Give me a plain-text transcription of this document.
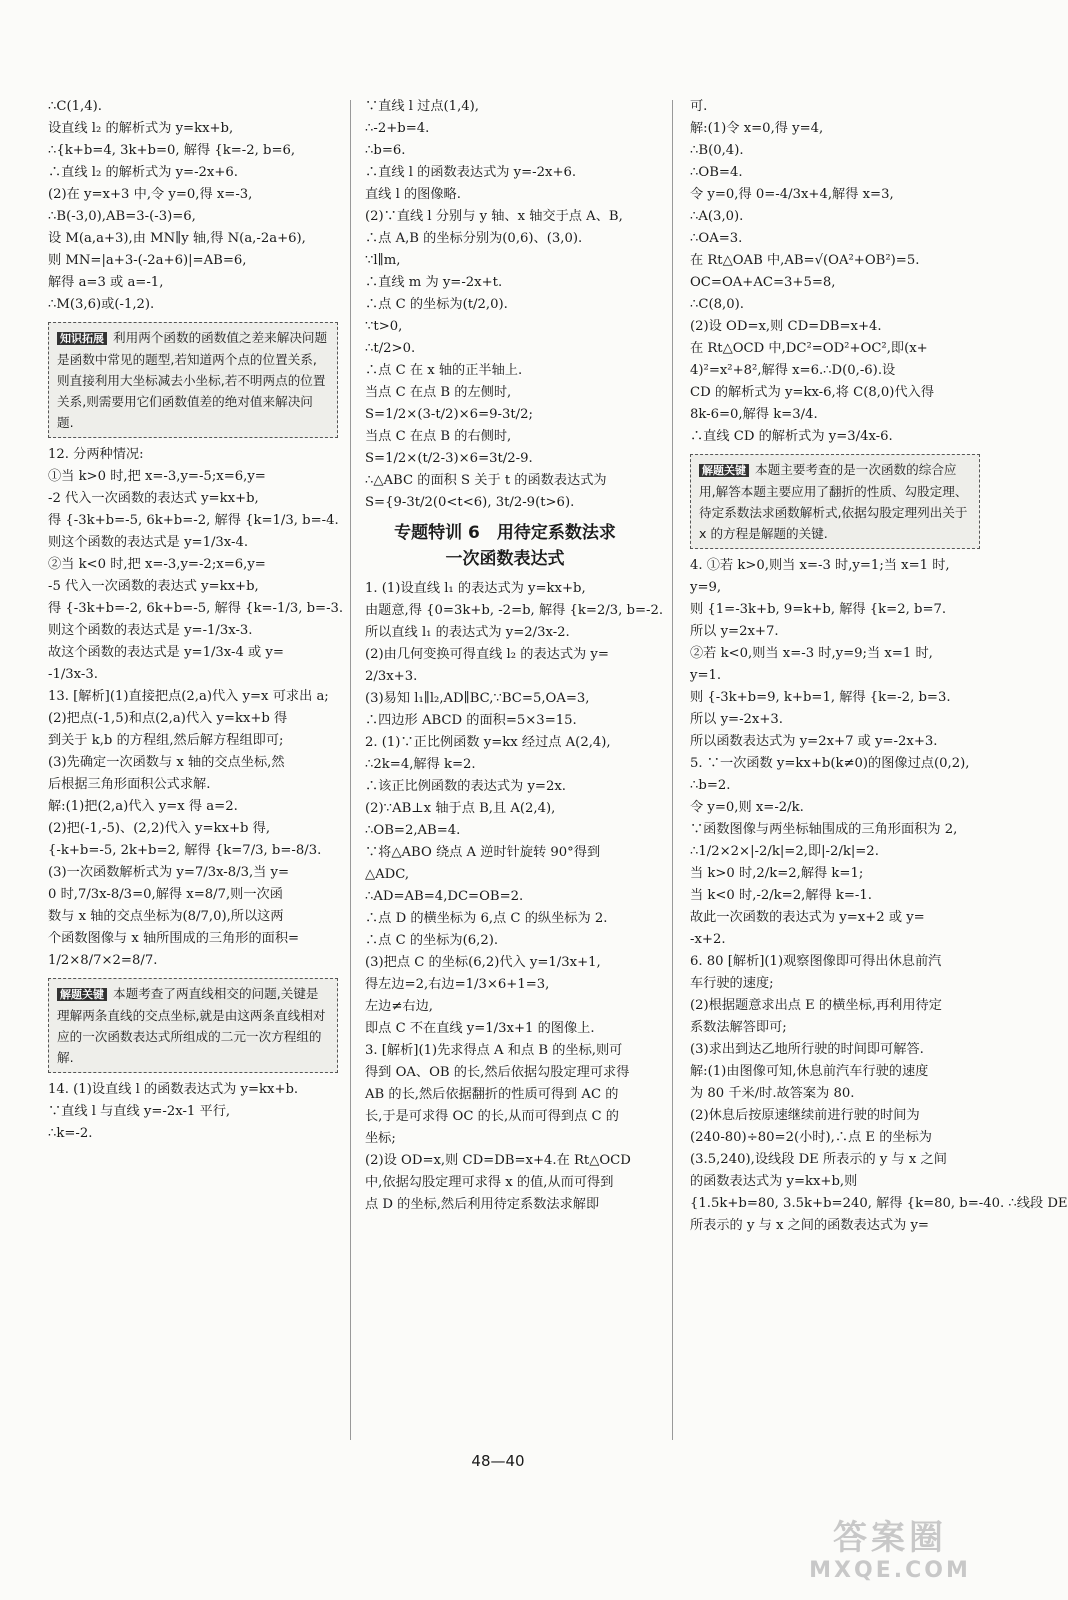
∴C(1,4).
设直线 l₂ 的解析式为 y=kx+b,
∴{k+b=4, 3k+b=0, 解得 {k=-2, b=6,
∴直线 l₂ 的解析式为 y=-2x+6.
(2)在 y=x+3 中,令 y=0,得 x=-3,
∴B(-3,0),AB=3-(-3)=6,
设 M(a,a+3),由 MN∥y 轴,得 N(a,-2a+6),
则 MN=|a+3-(-2a+6)|=AB=6,
解得 a=3 或 a=-1,
∴M(3,6)或(-1,2).
知识拓展 利用两个函数的函数值之差来解决问题是函数中常见的题型,若知道两个点的位置关系,则直接利用大坐标减去小坐标,若不明两点的位置关系,则需要用它们函数值差的绝对值来解决问题.
12. 分两种情况:
①当 k>0 时,把 x=-3,y=-5;x=6,y=
-2 代入一次函数的表达式 y=kx+b,
得 {-3k+b=-5, 6k+b=-2, 解得 {k=1/3, b=-4.
则这个函数的表达式是 y=1/3x-4.
②当 k<0 时,把 x=-3,y=-2;x=6,y=
-5 代入一次函数的表达式 y=kx+b,
得 {-3k+b=-2, 6k+b=-5, 解得 {k=-1/3, b=-3.
则这个函数的表达式是 y=-1/3x-3.
故这个函数的表达式是 y=1/3x-4 或 y=
-1/3x-3.
13. [解析](1)直接把点(2,a)代入 y=x 可求出 a;
(2)把点(-1,5)和点(2,a)代入 y=kx+b 得
到关于 k,b 的方程组,然后解方程组即可;
(3)先确定一次函数与 x 轴的交点坐标,然
后根据三角形面积公式求解.
解:(1)把(2,a)代入 y=x 得 a=2.
(2)把(-1,-5)、(2,2)代入 y=kx+b 得,
{-k+b=-5, 2k+b=2, 解得 {k=7/3, b=-8/3.
(3)一次函数解析式为 y=7/3x-8/3,当 y=
0 时,7/3x-8/3=0,解得 x=8/7,则一次函
数与 x 轴的交点坐标为(8/7,0),所以这两
个函数图像与 x 轴所围成的三角形的面积=
1/2×8/7×2=8/7.
解题关键 本题考查了两直线相交的问题,关键是理解两条直线的交点坐标,就是由这两条直线相对应的一次函数表达式所组成的二元一次方程组的解.
14. (1)设直线 l 的函数表达式为 y=kx+b.
∵直线 l 与直线 y=-2x-1 平行,
∴k=-2.
∵直线 l 过点(1,4),
∴-2+b=4.
∴b=6.
∴直线 l 的函数表达式为 y=-2x+6.
直线 l 的图像略.
(2)∵直线 l 分别与 y 轴、x 轴交于点 A、B,
∴点 A,B 的坐标分别为(0,6)、(3,0).
∵l∥m,
∴直线 m 为 y=-2x+t.
∴点 C 的坐标为(t/2,0).
∵t>0,
∴t/2>0.
∴点 C 在 x 轴的正半轴上.
当点 C 在点 B 的左侧时,
S=1/2×(3-t/2)×6=9-3t/2;
当点 C 在点 B 的右侧时,
S=1/2×(t/2-3)×6=3t/2-9.
∴△ABC 的面积 S 关于 t 的函数表达式为
S={9-3t/2(0<t<6), 3t/2-9(t>6).
专题特训 6　用待定系数法求
一次函数表达式
1. (1)设直线 l₁ 的表达式为 y=kx+b,
由题意,得 {0=3k+b, -2=b, 解得 {k=2/3, b=-2.
所以直线 l₁ 的表达式为 y=2/3x-2.
(2)由几何变换可得直线 l₂ 的表达式为 y=
2/3x+3.
(3)易知 l₁∥l₂,AD∥BC,∵BC=5,OA=3,
∴四边形 ABCD 的面积=5×3=15.
2. (1)∵正比例函数 y=kx 经过点 A(2,4),
∴2k=4,解得 k=2.
∴该正比例函数的表达式为 y=2x.
(2)∵AB⊥x 轴于点 B,且 A(2,4),
∴OB=2,AB=4.
∵将△ABO 绕点 A 逆时针旋转 90°得到
△ADC,
∴AD=AB=4,DC=OB=2.
∴点 D 的横坐标为 6,点 C 的纵坐标为 2.
∴点 C 的坐标为(6,2).
(3)把点 C 的坐标(6,2)代入 y=1/3x+1,
得左边=2,右边=1/3×6+1=3,
左边≠右边,
即点 C 不在直线 y=1/3x+1 的图像上.
3. [解析](1)先求得点 A 和点 B 的坐标,则可
得到 OA、OB 的长,然后依据勾股定理可求得
AB 的长,然后依据翻折的性质可得到 AC 的
长,于是可求得 OC 的长,从而可得到点 C 的
坐标;
(2)设 OD=x,则 CD=DB=x+4.在 Rt△OCD
中,依据勾股定理可求得 x 的值,从而可得到
点 D 的坐标,然后利用待定系数法求解即
可.
解:(1)令 x=0,得 y=4,
∴B(0,4).
∴OB=4.
令 y=0,得 0=-4/3x+4,解得 x=3,
∴A(3,0).
∴OA=3.
在 Rt△OAB 中,AB=√(OA²+OB²)=5.
OC=OA+AC=3+5=8,
∴C(8,0).
(2)设 OD=x,则 CD=DB=x+4.
在 Rt△OCD 中,DC²=OD²+OC²,即(x+
4)²=x²+8²,解得 x=6.∴D(0,-6).设
CD 的解析式为 y=kx-6,将 C(8,0)代入得
8k-6=0,解得 k=3/4.
∴直线 CD 的解析式为 y=3/4x-6.
解题关键 本题主要考查的是一次函数的综合应用,解答本题主要应用了翻折的性质、勾股定理、待定系数法求函数解析式,依据勾股定理列出关于 x 的方程是解题的关键.
4. ①若 k>0,则当 x=-3 时,y=1;当 x=1 时,
y=9,
则 {1=-3k+b, 9=k+b, 解得 {k=2, b=7.
所以 y=2x+7.
②若 k<0,则当 x=-3 时,y=9;当 x=1 时,
y=1.
则 {-3k+b=9, k+b=1, 解得 {k=-2, b=3.
所以 y=-2x+3.
所以函数表达式为 y=2x+7 或 y=-2x+3.
5. ∵一次函数 y=kx+b(k≠0)的图像过点(0,2),
∴b=2.
令 y=0,则 x=-2/k.
∵函数图像与两坐标轴围成的三角形面积为 2,
∴1/2×2×|-2/k|=2,即|-2/k|=2.
当 k>0 时,2/k=2,解得 k=1;
当 k<0 时,-2/k=2,解得 k=-1.
故此一次函数的表达式为 y=x+2 或 y=
-x+2.
6. 80 [解析](1)观察图像即可得出休息前汽
车行驶的速度;
(2)根据题意求出点 E 的横坐标,再利用待定
系数法解答即可;
(3)求出到达乙地所行驶的时间即可解答.
解:(1)由图像可知,休息前汽车行驶的速度
为 80 千米/时.故答案为 80.
(2)休息后按原速继续前进行驶的时间为
(240-80)÷80=2(小时),∴点 E 的坐标为
(3.5,240),设线段 DE 所表示的 y 与 x 之间
的函数表达式为 y=kx+b,则
{1.5k+b=80, 3.5k+b=240, 解得 {k=80, b=-40. ∴线段 DE
所表示的 y 与 x 之间的函数表达式为 y=
48—40
答案圈
MXQE.COM
